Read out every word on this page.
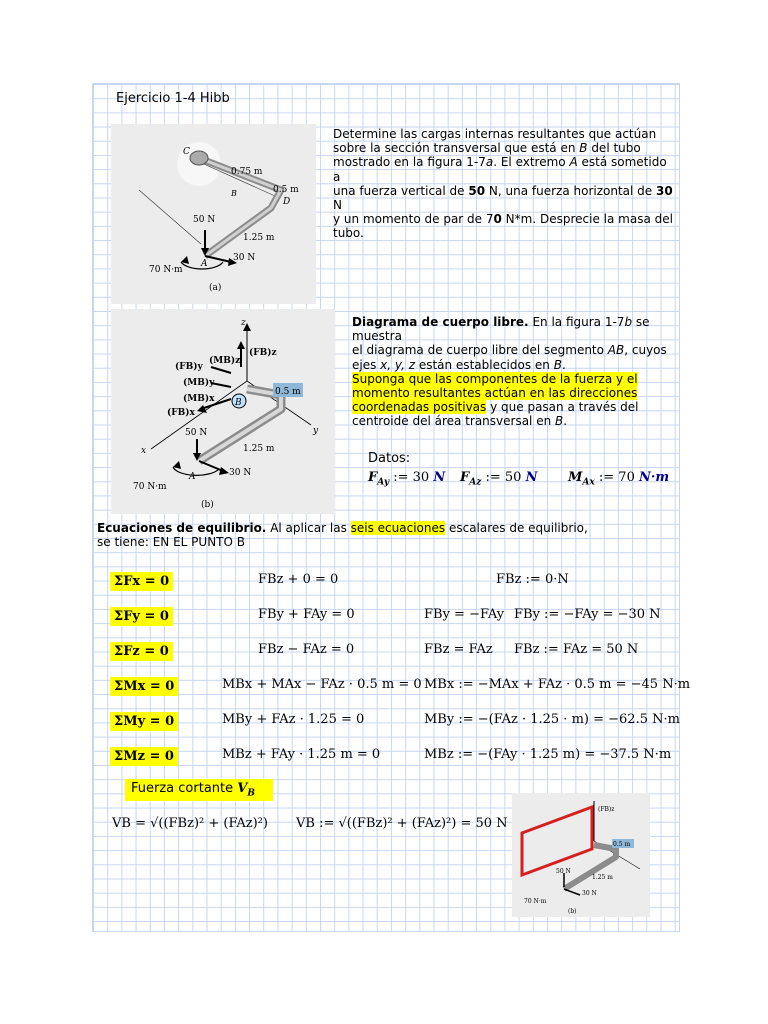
Ejercicio 1-4 Hibb
C
0.75 m
B	0.5 m
D
50 N
1.25 m
A
30 N
70 N·m
(a)
Determine las cargas internas resultantes que actúan
sobre la sección transversal que está en B del tubo
mostrado en la figura 1-7a. El extremo A está sometido a
una fuerza vertical de 50 N, una fuerza horizontal de 30 N
y un momento de par de 70 N*m. Desprecie la masa del
tubo.
z
(FB)z
(MB)z
(FB)y
(MB)y
(MB)x
(FB)x
0.5 m
B
y
50 N
x	1.25 m
A	30 N
70 N·m
(b)
Diagrama de cuerpo libre. En la figura 1-7b se muestra
el diagrama de cuerpo libre del segmento AB, cuyos
ejes x, y, z están establecidos en B.
Suponga que las componentes de la fuerza y el
momento resultantes actúan en las direcciones
coordenadas positivas y que pasan a través del
centroide del área transversal en B.
Datos:
$F_{Ay}$ := 30 N $F_{Az}$ := 50 N $M_{Ax}$ := 70 N·m
Ecuaciones de equilibrio. Al aplicar las seis ecuaciones escalares de equilibrio,
se tiene: EN EL PUNTO B
ΣFx = 0	FBz + 0 = 0	FBz := 0·N
ΣFy = 0	FBy + FAy = 0	FBy = −FAy FBy := −FAy = −30 N
ΣFz = 0	FBz − FAz = 0	FBz = FAz FBz := FAz = 50 N
ΣMx = 0	MBx + MAx − FAz · 0.5 m = 0 MBx := −MAx + FAz · 0.5 m = −45 N·m
ΣMy = 0	MBy + FAz · 1.25 = 0	MBy := −(FAz · 1.25 · m) = −62.5 N·m
ΣMz = 0	MBz + FAy · 1.25 m = 0	MBz := −(FAy · 1.25 m) = −37.5 N·m
Fuerza cortante $V_B$
VB = √((FBz)² + (FAz)²) VB := √((FBz)² + (FAz)²) = 50 N
0.5 m
(FB)z
50 N
1.25 m
30 N
70 N·m
(b)
